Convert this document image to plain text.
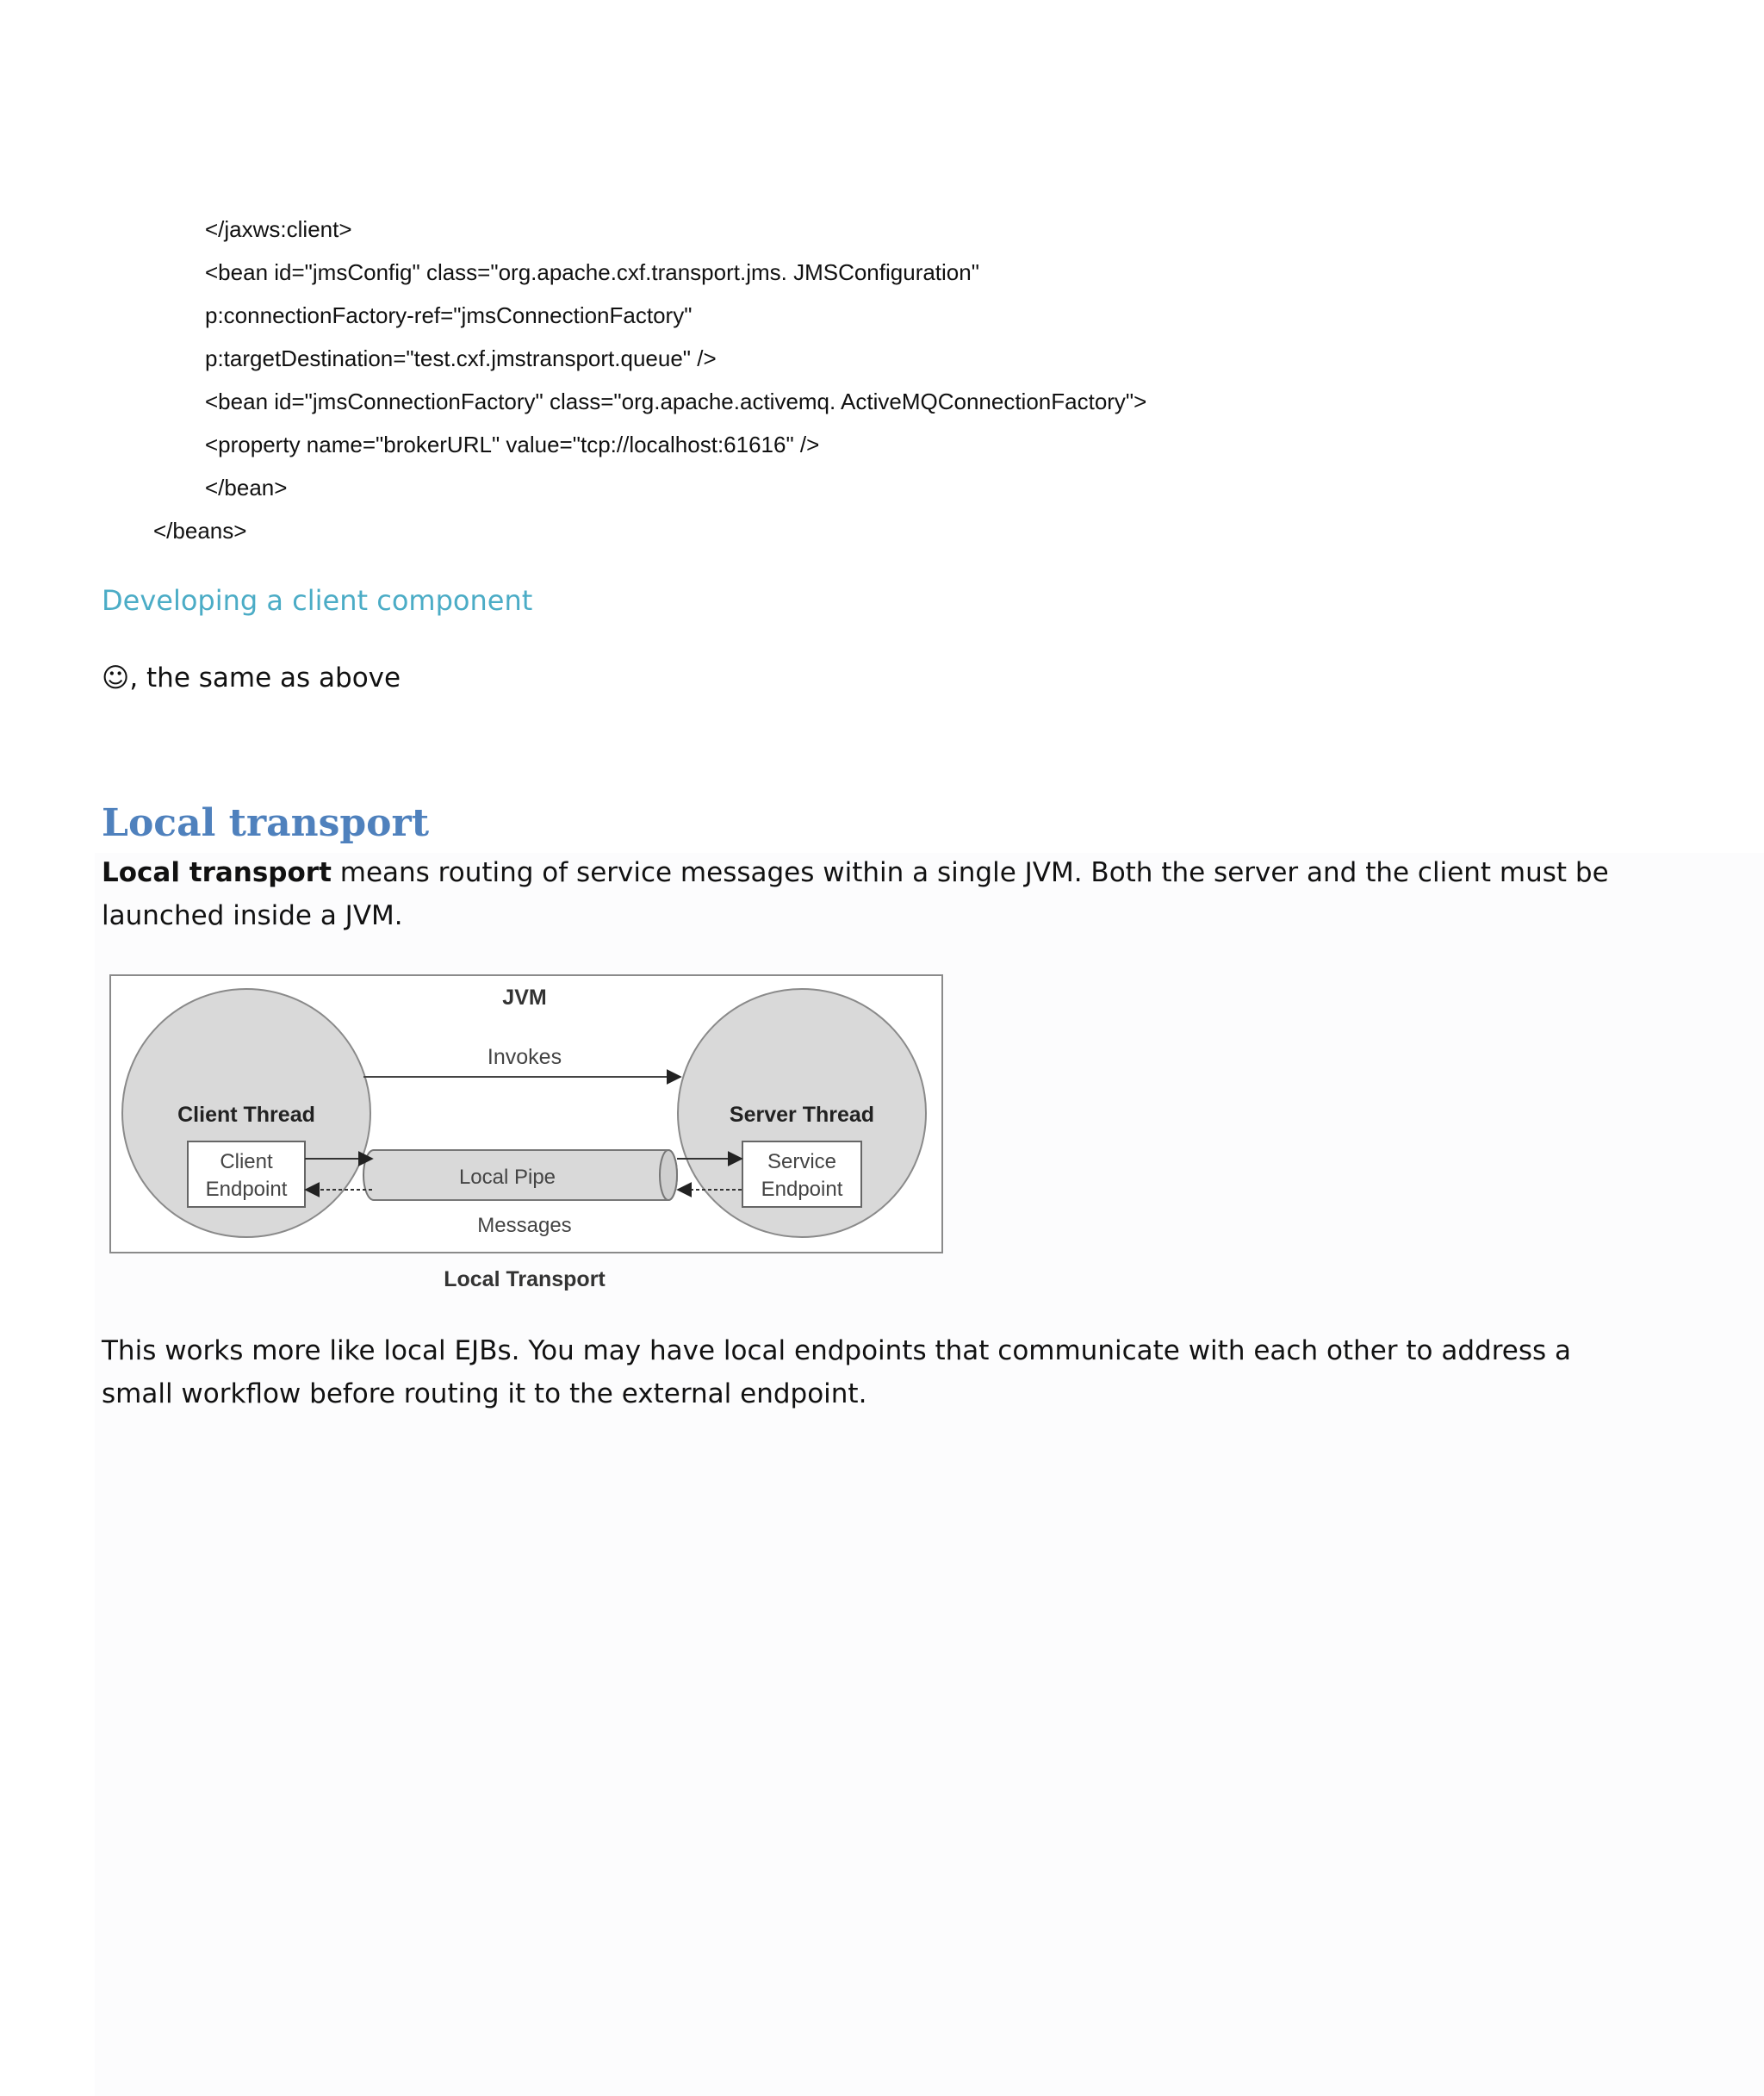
</jaxws:client>
<bean id="jmsConfig" class="org.apache.cxf.transport.jms. JMSConfiguration"
p:connectionFactory-ref="jmsConnectionFactory"
p:targetDestination="test.cxf.jmstransport.queue" />
<bean id="jmsConnectionFactory" class="org.apache.activemq. ActiveMQConnectionFactory">
<property name="brokerURL" value="tcp://localhost:61616" />
</bean>
</beans>
Developing a client component
☺, the same as above
Local transport
Local transport means routing of service messages within a single JVM. Both the server and the client must be launched inside a JVM.
JVM
Invokes
Client Thread	Server Thread
Client
Endpoint
Service
Endpoint
Local Pipe
Messages
Local Transport
This works more like local EJBs. You may have local endpoints that communicate with each other to address a small workflow before routing it to the external endpoint.
